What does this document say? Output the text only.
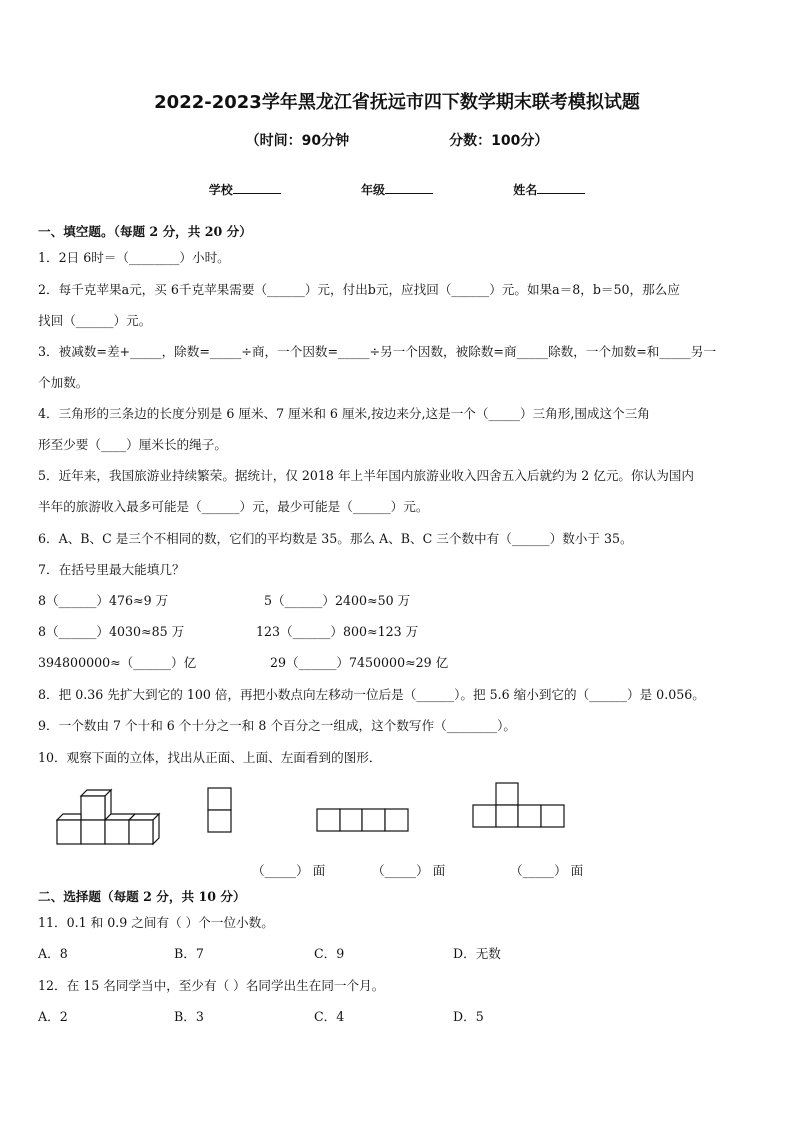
2022-2023学年黑龙江省抚远市四下数学期末联考模拟试题
（时间：90分钟	分数：100分）
学校	年级	姓名
一、填空题。（每题 2 分，共 20 分）
1．2日 6时＝（________）小时。
2．每千克苹果a元，买 6千克苹果需要（______）元，付出b元，应找回（______）元。如果a＝8，b＝50，那么应
找回（______）元。
3．被减数=差+_____，除数=_____÷商，一个因数=_____÷另一个因数，被除数=商_____除数，一个加数=和_____另一
个加数。
4．三角形的三条边的长度分别是 6 厘米、7 厘米和 6 厘米,按边来分,这是一个（_____）三角形,围成这个三角
形至少要（____）厘米长的绳子。
5．近年来，我国旅游业持续繁荣。据统计，仅 2018 年上半年国内旅游业收入四舍五入后就约为 2 亿元。你认为国内
半年的旅游收入最多可能是（______）元，最少可能是（______）元。
6．A、B、C 是三个不相同的数，它们的平均数是 35。那么 A、B、C 三个数中有（______）数小于 35。
7．在括号里最大能填几？
8（______）476≈9 万	5（______）2400≈50 万
8（______）4030≈85 万	123（______）800≈123 万
394800000≈（______）亿	29（______）7450000≈29 亿
8．把 0.36 先扩大到它的 100 倍，再把小数点向左移动一位后是（______）。把 5.6 缩小到它的（______）是 0.056。
9．一个数由 7 个十和 6 个十分之一和 8 个百分之一组成，这个数写作（________）。
10．观察下面的立体，找出从正面、上面、左面看到的图形．
（_____） 面	（_____） 面	（_____） 面
二、选择题（每题 2 分，共 10 分）
11．0.1 和 0.9 之间有（ ）个一位小数。
A．8	B．7	C．9	D．无数
12．在 15 名同学当中，至少有（ ）名同学出生在同一个月。
A．2	B．3	C．4	D．5
